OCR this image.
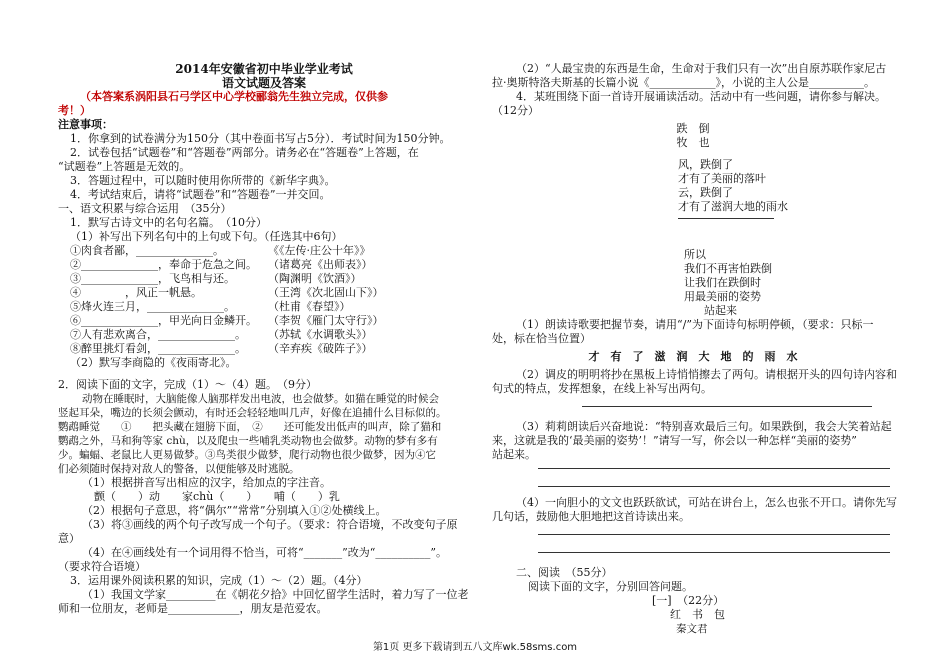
2014年安徽省初中毕业学业考试
语文试题及答案
（本答案系涡阳县石弓学区中心学校郦翁先生独立完成，仅供参
考！）
注意事项：
1．你拿到的试卷满分为150分（其中卷面书写占5分）．考试时间为150分钟。
2．试卷包括“试题卷”和“答题卷”两部分。请务必在“答题卷”上答题，在
“试题卷”上答题是无效的。
3．答题过程中，可以随时使用你所带的《新华字典》。
4．考试结束后，请将“试题卷”和“答题卷”一并交回。
一、语文积累与综合运用　（35分）
1．默写古诗文中的名句名篇。　（10分）
（1）补写出下列名句中的上句或下句。（任选其中6句）
①肉食者鄙，______________。　　　　　《《左传·庄公十年》》
②______________，奉命于危急之间。　　（诸葛亮《出师表》）
③______________，飞鸟相与还。　　　　（陶渊明《饮酒》）
④　　　　，风正一帆悬。　　　　　　　（王湾《次北固山下》）
⑤烽火连三月，______________。　　　　（杜甫《春望》）
⑥______________，甲光向日金鳞开。　　（李贺《雁门太守行》）
⑦人有悲欢离合，______________。　　　（苏轼《水调歌头》）
⑧醉里挑灯看剑，______________。　　　（辛弃疾《破阵子》）
（2）默写李商隐的《夜雨寄北》。
2．阅读下面的文字，完成（1）～（4）题。　（9分）
动物在睡眠时，大脑能像人脑那样发出电波，也会做梦。如猫在睡觉的时候会
竖起耳朵，嘴边的长须会颤动，有时还会轻轻地叫几声，好像在追捕什么目标似的。
鹦鹉睡觉　　①　　把头藏在翅膀下面，　②　　还可能发出低声的叫声，除了猫和
鹦鹉之外，马和狗等家 chù，以及爬虫一些哺乳类动物也会做梦。动物的梦有多有
少。蝙蝠、老鼠比人更易做梦。③鸟类很少做梦，爬行动物也很少做梦，因为④它
们必须随时保持对敌人的警备，以便能够及时逃脱。
（1）根据拼音写出相应的汉字，给加点的字注音。
颤（　　）动　　家chù（　　）　　哺（　　）乳
（2）根据句子意思，将“偶尔”“常常”分别填入①②处横线上。
（3）将③画线的两个句子改写成一个句子。（要求：符合语境，不改变句子原
意）
（4）在④画线处有一个词用得不恰当，可将“_______”改为“__________”。
（要求符合语境）
3．运用课外阅读积累的知识，完成（1）～（2）题。（4分）
（1）我国文学家_________在《朝花夕拾》中回忆留学生活时，着力写了一位老
师和一位朋友，老师是_____________，朋友是范爱农。
（2）“人最宝贵的东西是生命，生命对于我们只有一次”出自原苏联作家尼古
拉·奥斯特洛夫斯基的长篇小说《____________》，小说的主人公是__________。
4．某班围绕下面一首诗开展诵读活动。活动中有一些问题，请你参与解决。
（12分）
跌　倒
牧　也
风，跌倒了
才有了美丽的落叶
云，跌倒了
才有了滋润大地的雨水
所以
我们不再害怕跌倒
让我们在跌倒时
用最美丽的姿势
站起来
（1）朗读诗歌要把握节奏，请用“/”为下面诗句标明停顿，（要求：只标一
处，标在恰当位置）
才　有　了　滋　润　大　地　的　雨　水
（2）调皮的明明将抄在黑板上诗悄悄擦去了两句。请根据开头的四句诗内容和
句式的特点，发挥想象，在线上补写出两句。
（3）莉莉朗读后兴奋地说：“特别喜欢最后三句。如果跌倒，我会大笑着站起
来，这就是我的‘最美丽的姿势’！”请写一写，你会以一种怎样“美丽的姿势”
站起来。
（4）一向胆小的文文也跃跃欲试，可站在讲台上，怎么也张不开口。请你先写
几句话，鼓励他大胆地把这首诗读出来。
二、阅读　（55分）
阅读下面的文字，分别回答问题。
[一]　（22分）
红　书　包
秦文君
第1页 更多下载请到五八文库wk.58sms.com
